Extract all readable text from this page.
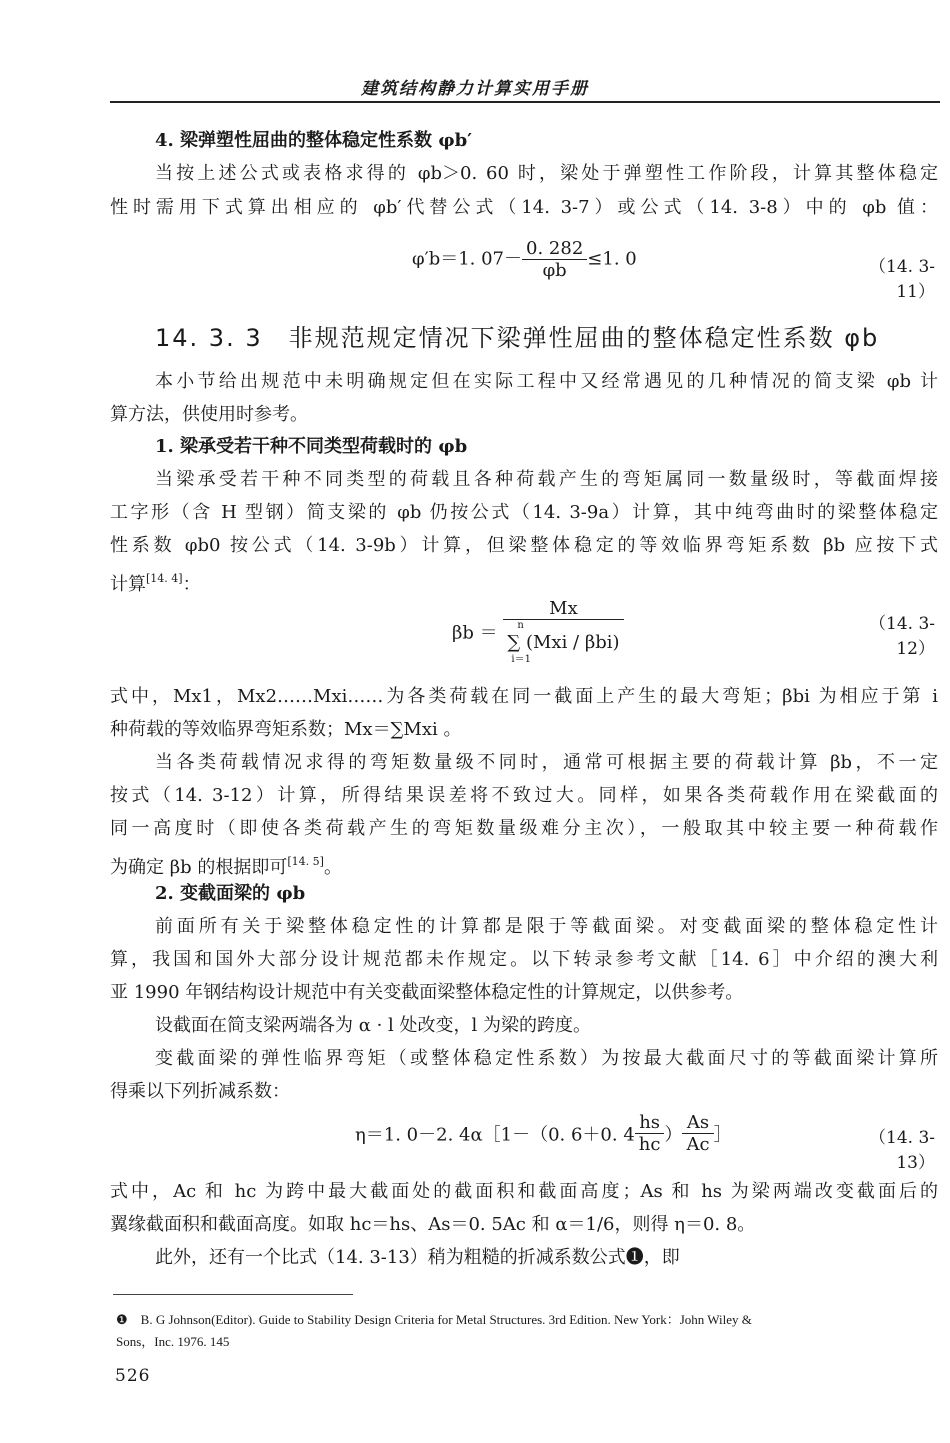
建筑结构静力计算实用手册
4. 梁弹塑性屈曲的整体稳定性系数 φb′
当按上述公式或表格求得的 φb＞0. 60 时，梁处于弹塑性工作阶段，计算其整体稳定
性时需用下式算出相应的 φb′代替公式（14. 3-7）或公式（14. 3-8）中的 φb 值：
φ′b＝1. $07- \frac{0. 282}{\varphi b} \le 1$. 0	（14. 3-11）
14. 3. 3　非规范规定情况下梁弹性屈曲的整体稳定性系数 φb
本小节给出规范中未明确规定但在实际工程中又经常遇见的几种情况的简支梁 φb 计
算方法，供使用时参考。
1. 梁承受若干种不同类型荷载时的 φb
当梁承受若干种不同类型的荷载且各种荷载产生的弯矩属同一数量级时，等截面焊接
工字形（含 H 型钢）简支梁的 φb 仍按公式（14. 3-9a）计算，其中纯弯曲时的梁整体稳定
性系数 φb0 按公式（14. 3-9b）计算，但梁整体稳定的等效临界弯矩系数 βb 应按下式
计算[14. 4]：
βb ＝ Mx
n
∑ (Mxi / βbi)
i＝1	（14. 3-12）
式中，Mx1，Mx2……Mxi……为各类荷载在同一截面上产生的最大弯矩；βbi 为相应于第 i
种荷载的等效临界弯矩系数；Mx＝∑Mxi 。
当各类荷载情况求得的弯矩数量级不同时，通常可根据主要的荷载计算 βb，不一定
按式（14. 3-12）计算，所得结果误差将不致过大。同样，如果各类荷载作用在梁截面的
同一高度时（即使各类荷载产生的弯矩数量级难分主次），一般取其中较主要一种荷载作
为确定 βb 的根据即可[14. 5]。
2. 变截面梁的 φb
前面所有关于梁整体稳定性的计算都是限于等截面梁。对变截面梁的整体稳定性计
算，我国和国外大部分设计规范都未作规定。以下转录参考文献［14. 6］中介绍的澳大利
亚 1990 年钢结构设计规范中有关变截面梁整体稳定性的计算规定，以供参考。
设截面在简支梁两端各为 α · l 处改变，l 为梁的跨度。
变截面梁的弹性临界弯矩（或整体稳定性系数）为按最大截面尺寸的等截面梁计算所
得乘以下列折减系数：
η＝1. 0－2. 4α［1－（0. 6＋0. $4 \frac{hs}{hc}$ ） $\frac{As}{Ac}$ ］	（14. 3-13）
式中，Ac 和 hc 为跨中最大截面处的截面积和截面高度；As 和 hs 为梁两端改变截面后的
翼缘截面积和截面高度。如取 hc＝hs、As＝0. 5Ac 和 α＝1/6，则得 η＝0. 8。
此外，还有一个比式（14. 3-13）稍为粗糙的折减系数公式❶，即
❶　B. G Johnson(Editor). Guide to Stability Design Criteria for Metal Structures. 3rd Edition. New York：John Wiley &
Sons，Inc. 1976. 145
526
